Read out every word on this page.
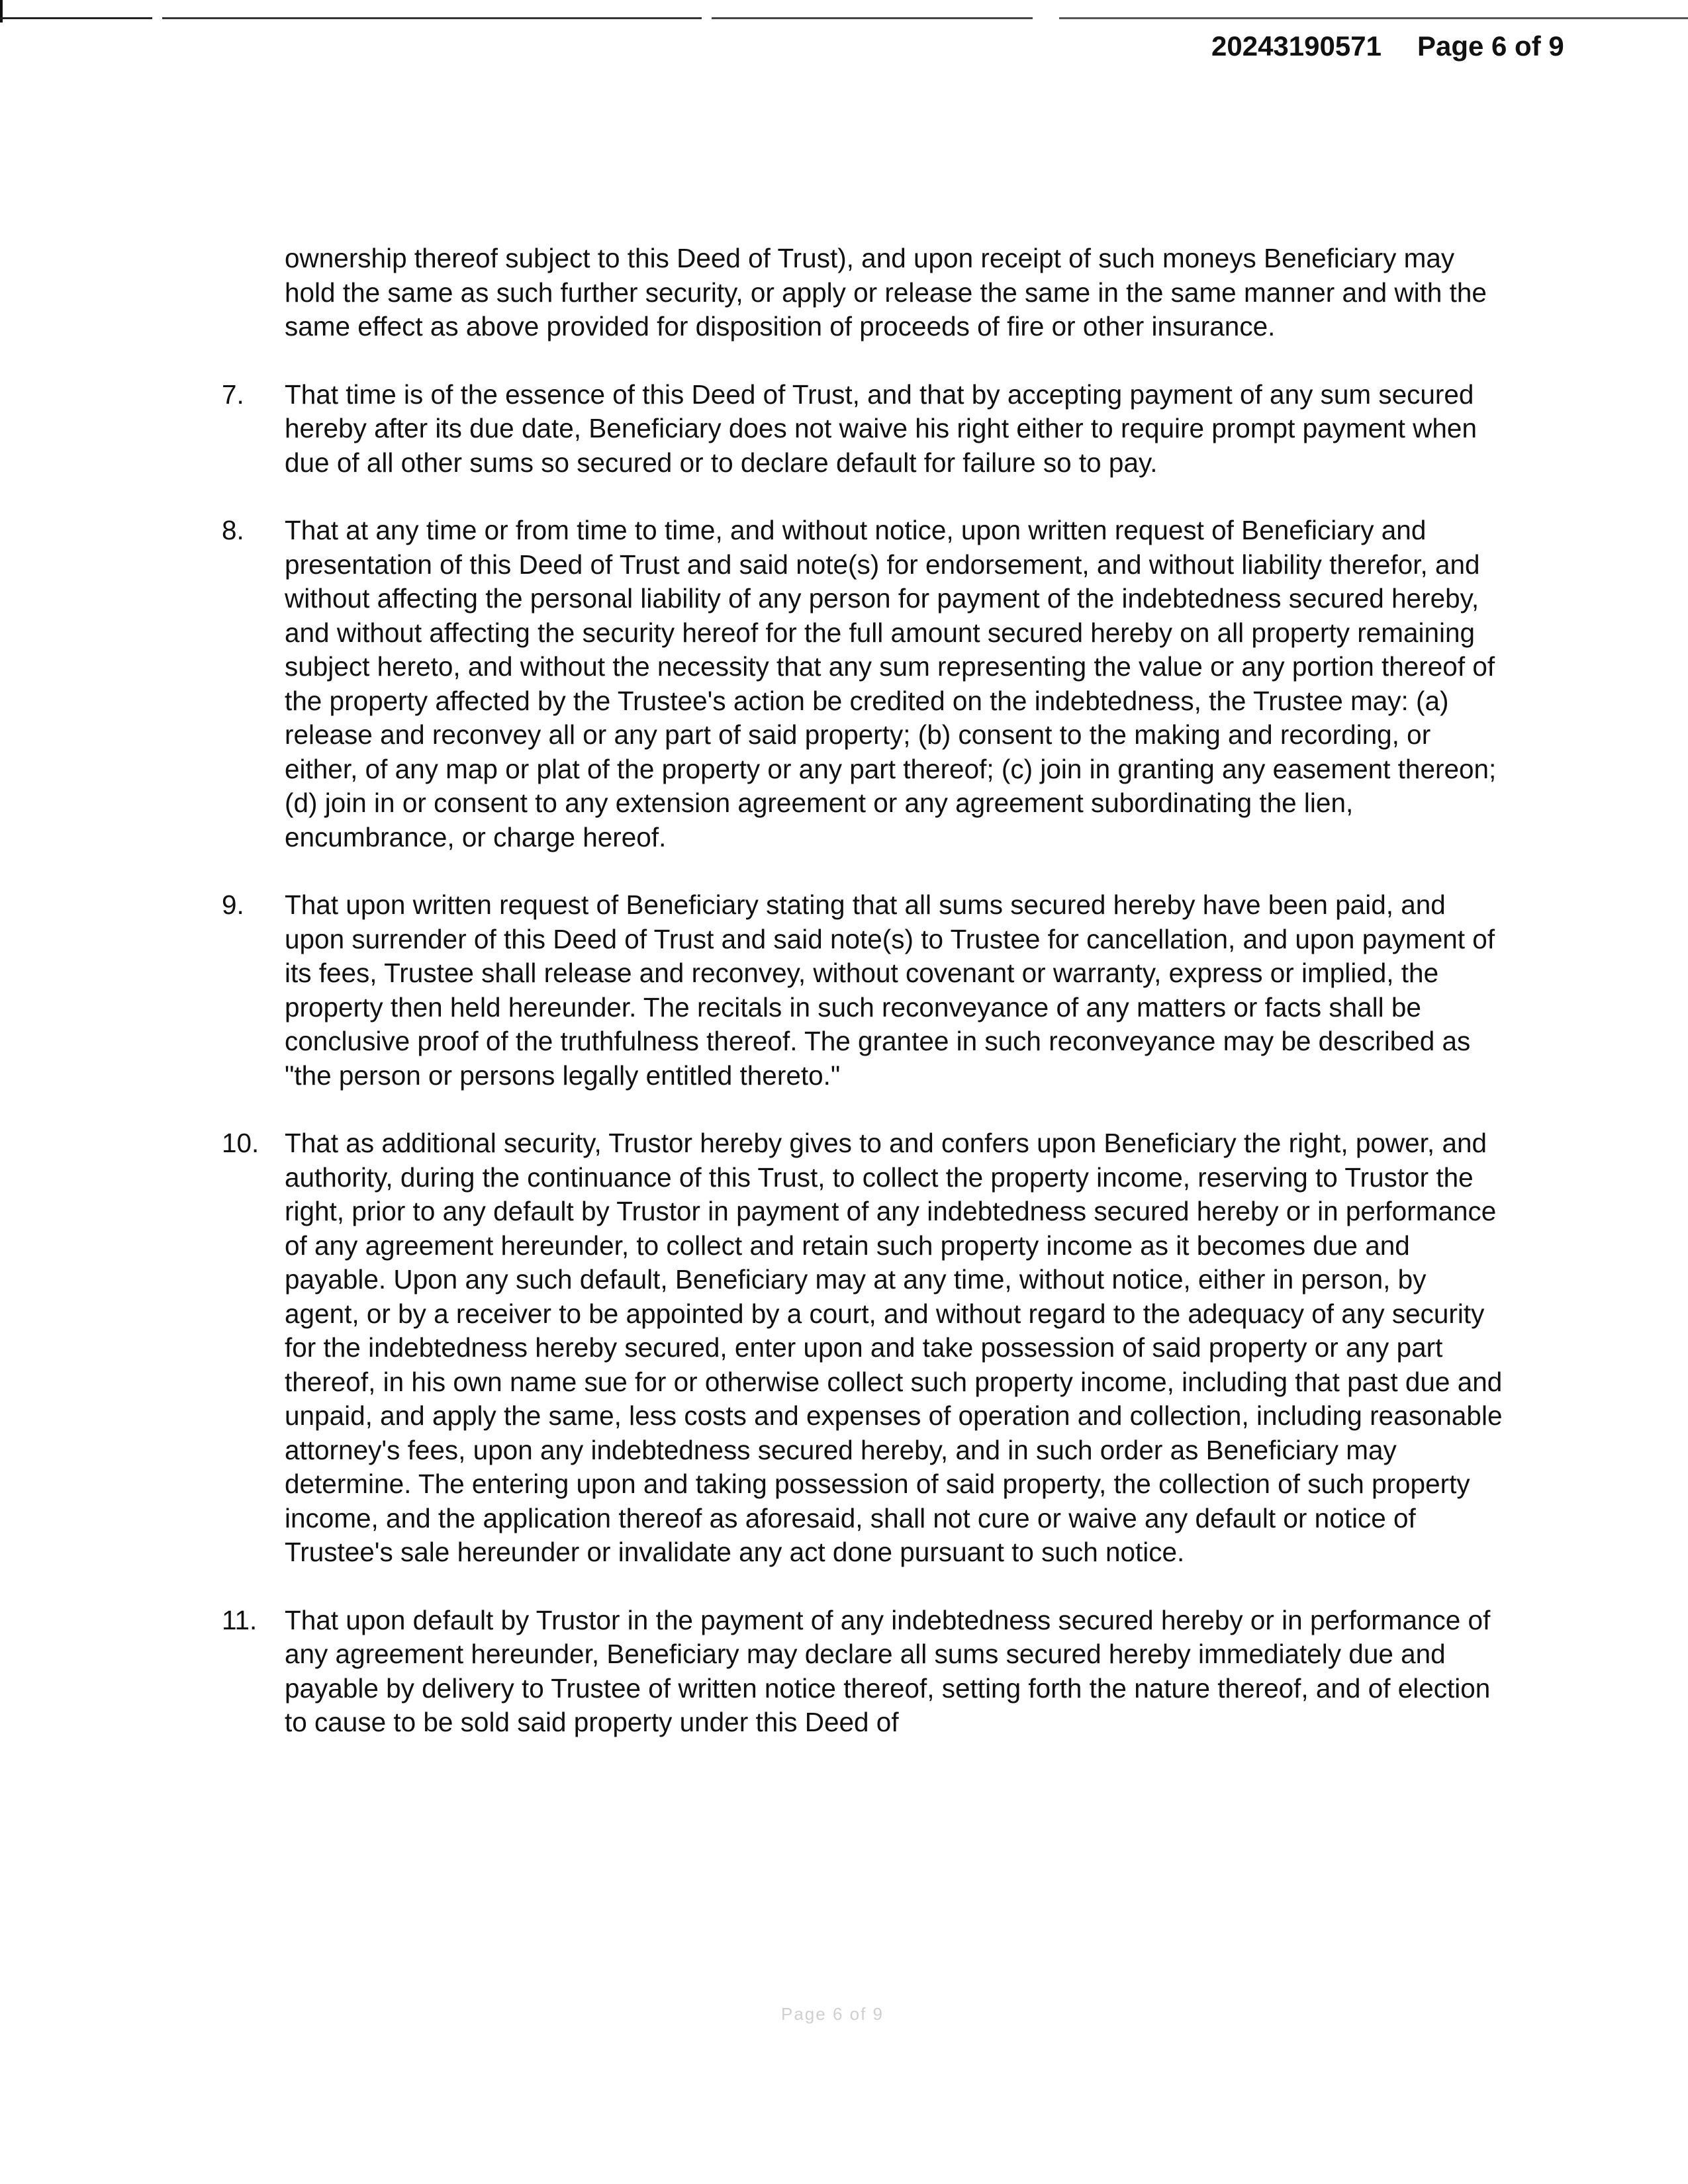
20243190571 Page 6 of 9
ownership thereof subject to this Deed of Trust), and upon receipt of such moneys Beneficiary may hold the same as such further security, or apply or release the same in the same manner and with the same effect as above provided for disposition of proceeds of fire or other insurance.
7. That time is of the essence of this Deed of Trust, and that by accepting payment of any sum secured hereby after its due date, Beneficiary does not waive his right either to require prompt payment when due of all other sums so secured or to declare default for failure so to pay.
8. That at any time or from time to time, and without notice, upon written request of Beneficiary and presentation of this Deed of Trust and said note(s) for endorsement, and without liability therefor, and without affecting the personal liability of any person for payment of the indebtedness secured hereby, and without affecting the security hereof for the full amount secured hereby on all property remaining subject hereto, and without the necessity that any sum representing the value or any portion thereof of the property affected by the Trustee's action be credited on the indebtedness, the Trustee may: (a) release and reconvey all or any part of said property; (b) consent to the making and recording, or either, of any map or plat of the property or any part thereof; (c) join in granting any easement thereon; (d) join in or consent to any extension agreement or any agreement subordinating the lien, encumbrance, or charge hereof.
9. That upon written request of Beneficiary stating that all sums secured hereby have been paid, and upon surrender of this Deed of Trust and said note(s) to Trustee for cancellation, and upon payment of its fees, Trustee shall release and reconvey, without covenant or warranty, express or implied, the property then held hereunder. The recitals in such reconveyance of any matters or facts shall be conclusive proof of the truthfulness thereof. The grantee in such reconveyance may be described as "the person or persons legally entitled thereto."
10. That as additional security, Trustor hereby gives to and confers upon Beneficiary the right, power, and authority, during the continuance of this Trust, to collect the property income, reserving to Trustor the right, prior to any default by Trustor in payment of any indebtedness secured hereby or in performance of any agreement hereunder, to collect and retain such property income as it becomes due and payable. Upon any such default, Beneficiary may at any time, without notice, either in person, by agent, or by a receiver to be appointed by a court, and without regard to the adequacy of any security for the indebtedness hereby secured, enter upon and take possession of said property or any part thereof, in his own name sue for or otherwise collect such property income, including that past due and unpaid, and apply the same, less costs and expenses of operation and collection, including reasonable attorney's fees, upon any indebtedness secured hereby, and in such order as Beneficiary may determine. The entering upon and taking possession of said property, the collection of such property income, and the application thereof as aforesaid, shall not cure or waive any default or notice of Trustee's sale hereunder or invalidate any act done pursuant to such notice.
11. That upon default by Trustor in the payment of any indebtedness secured hereby or in performance of any agreement hereunder, Beneficiary may declare all sums secured hereby immediately due and payable by delivery to Trustee of written notice thereof, setting forth the nature thereof, and of election to cause to be sold said property under this Deed of
Page 6 of 9
